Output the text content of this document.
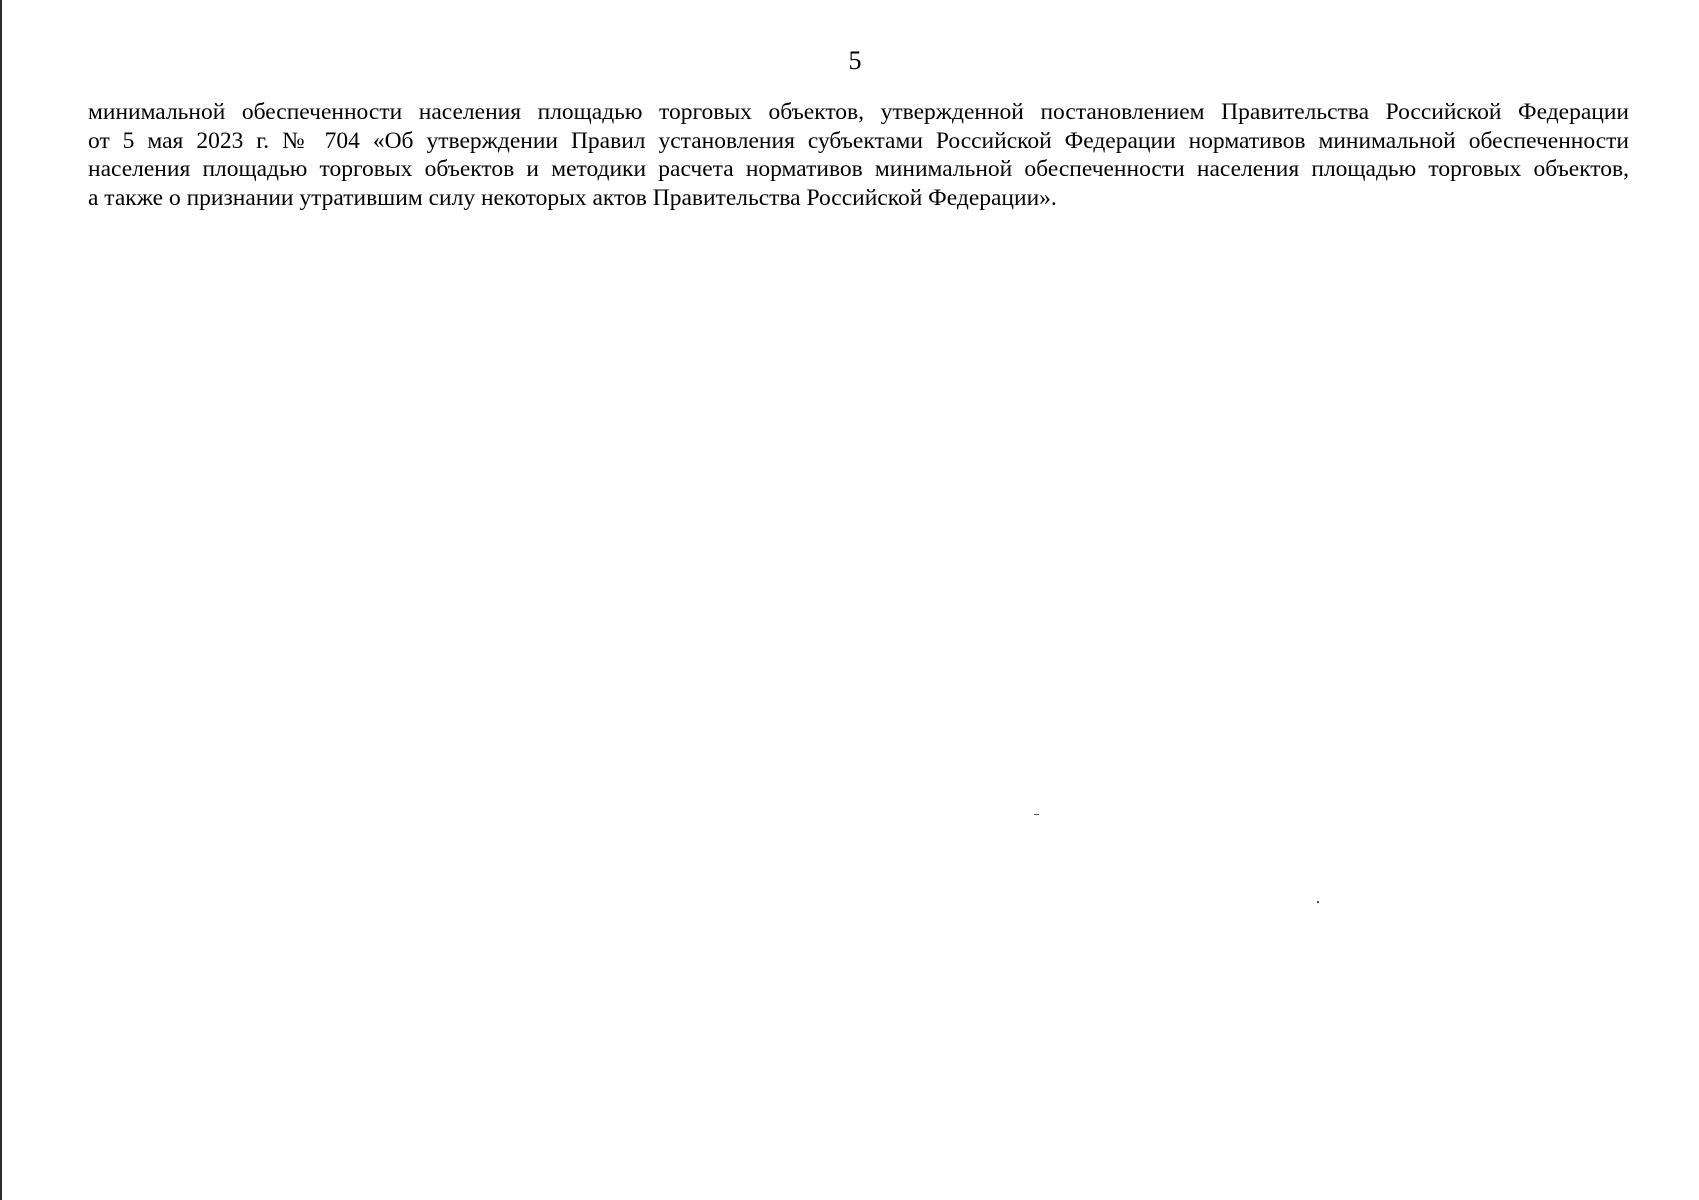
5

минимальной обеспеченности населения площадью торговых объектов, утвержденной постановлением Правительства Российской Федерации
от 5 мая 2023 г. № 704 «Об утверждении Правил установления субъектами Российской Федерации нормативов минимальной обеспеченности
населения площадью торговых объектов и методики расчета нормативов минимальной обеспеченности населения площадью торговых объектов,
а также о признании утратившим силу некоторых актов Правительства Российской Федерации».
